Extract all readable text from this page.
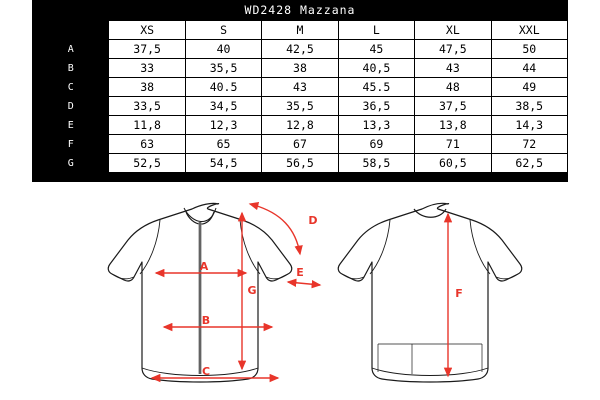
WD2428 Mazzana						
	XS	S	M	L	XL	XXL
A	37,5	40	42,5	45	47,5	50
B	33	35,5	38	40,5	43	44
C	38	40.5	43	45.5	48	49
D	33,5	34,5	35,5	36,5	37,5	38,5
E	11,8	12,3	12,8	13,3	13,8	14,3
F	63	65	67	69	71	72
G	52,5	54,5	56,5	58,5	60,5	62,5
A
B
C
D
E
G	F
